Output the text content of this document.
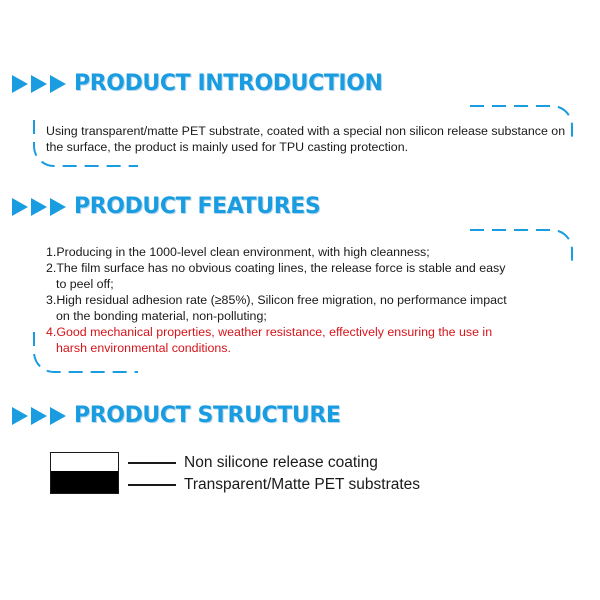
PRODUCT INTRODUCTION

Using transparent/matte PET substrate, coated with a special non silicon release substance on the surface, the product is mainly used for TPU casting protection.

PRODUCT FEATURES

1.Producing in the 1000-level clean environment, with high cleanness;

2.The film surface has no obvious coating lines, the release force is stable and easy

to peel off;

3.High residual adhesion rate (≥85%), Silicon free migration, no performance impact

on the bonding material, non-polluting;

4.Good mechanical properties, weather resistance, effectively ensuring the use in

harsh environmental conditions.

PRODUCT STRUCTURE
Non silicone release coating
Transparent/Matte PET substrates
